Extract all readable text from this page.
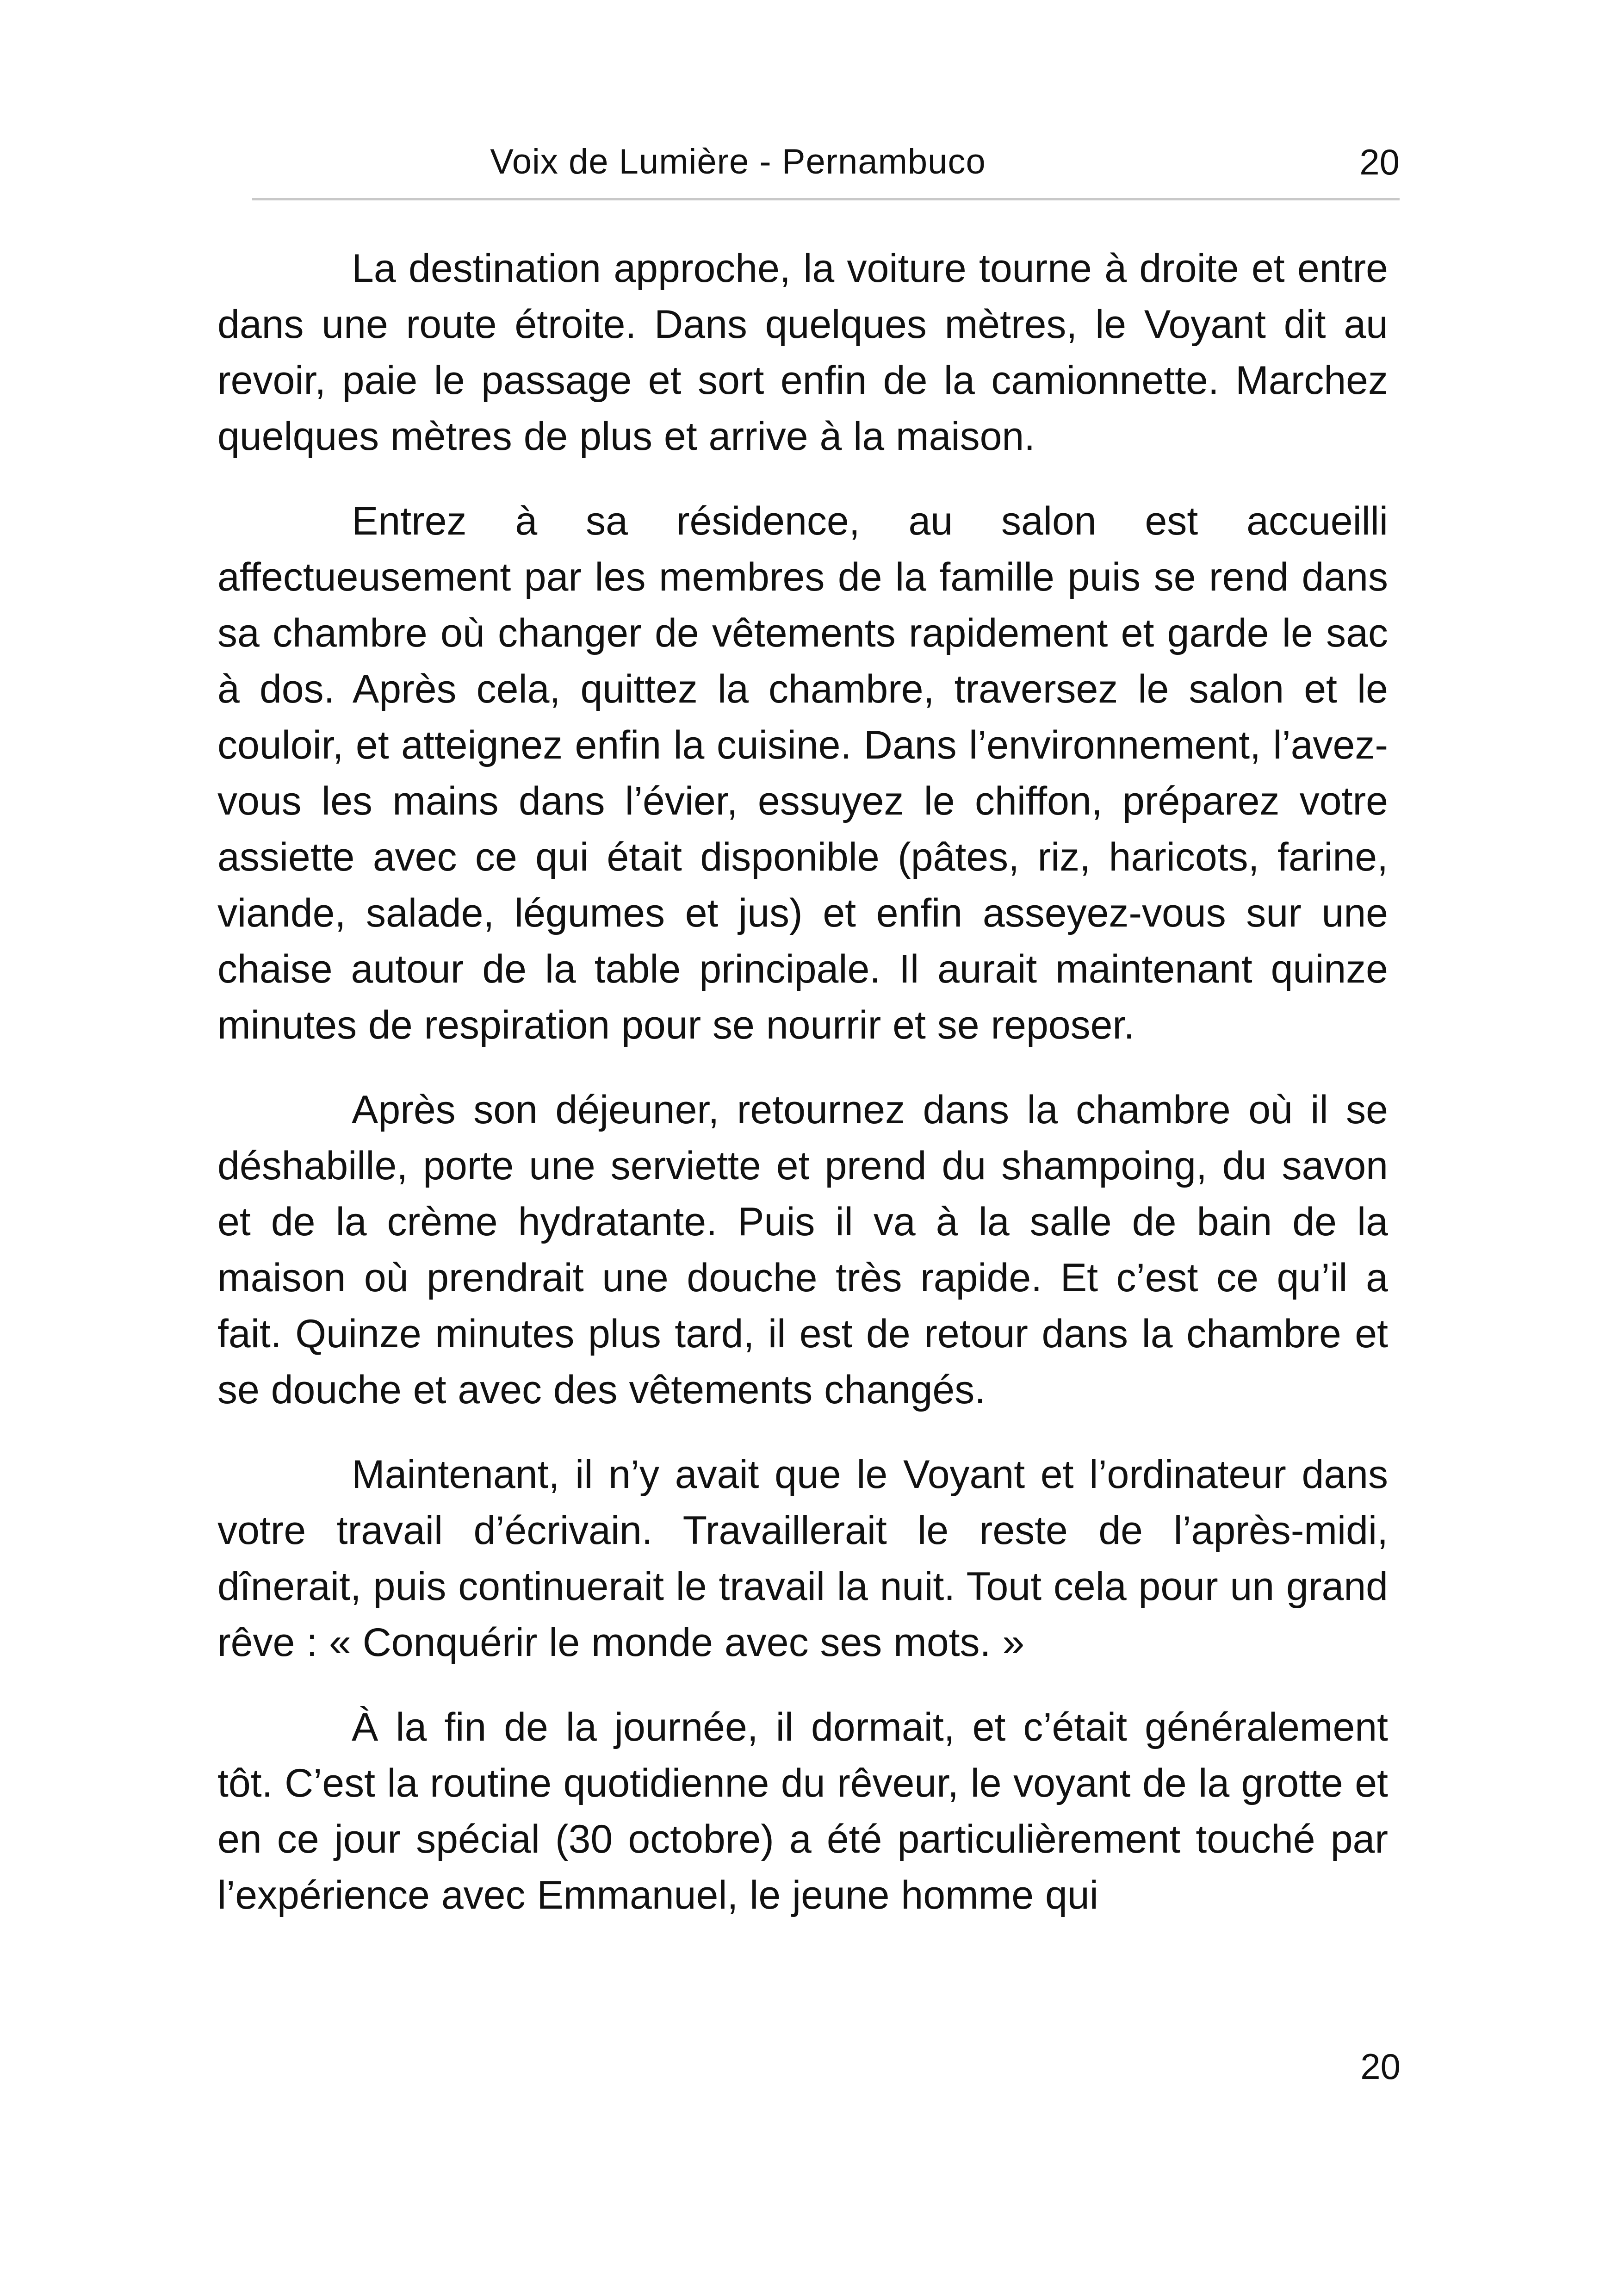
Voix de Lumière - Pernambuco	20

La destination approche, la voiture tourne à droite et entre dans une route étroite. Dans quelques mètres, le Voyant dit au revoir, paie le passage et sort enfin de la camionnette. Marchez quelques mètres de plus et arrive à la maison.

Entrez à sa résidence, au salon est accueilli affectueusement par les membres de la famille puis se rend dans sa chambre où changer de vêtements rapidement et garde le sac à dos. Après cela, quittez la chambre, traversez le salon et le couloir, et atteignez enfin la cuisine. Dans l’environnement, l’avez-vous les mains dans l’évier, essuyez le chiffon, préparez votre assiette avec ce qui était disponible (pâtes, riz, haricots, farine, viande, salade, légumes et jus) et enfin asseyez-vous sur une chaise autour de la table principale. Il aurait maintenant quinze minutes de respiration pour se nourrir et se reposer.

Après son déjeuner, retournez dans la chambre où il se déshabille, porte une serviette et prend du shampoing, du savon et de la crème hydratante. Puis il va à la salle de bain de la maison où prendrait une douche très rapide. Et c’est ce qu’il a fait. Quinze minutes plus tard, il est de retour dans la chambre et se douche et avec des vêtements changés.

Maintenant, il n’y avait que le Voyant et l’ordinateur dans votre travail d’écrivain. Travaillerait le reste de l’après-midi, dînerait, puis continuerait le travail la nuit. Tout cela pour un grand rêve : « Conquérir le monde avec ses mots. »

À la fin de la journée, il dormait, et c’était généralement tôt. C’est la routine quotidienne du rêveur, le voyant de la grotte et en ce jour spécial (30 octobre) a été particulièrement touché par l’expérience avec Emmanuel, le jeune homme qui

20
